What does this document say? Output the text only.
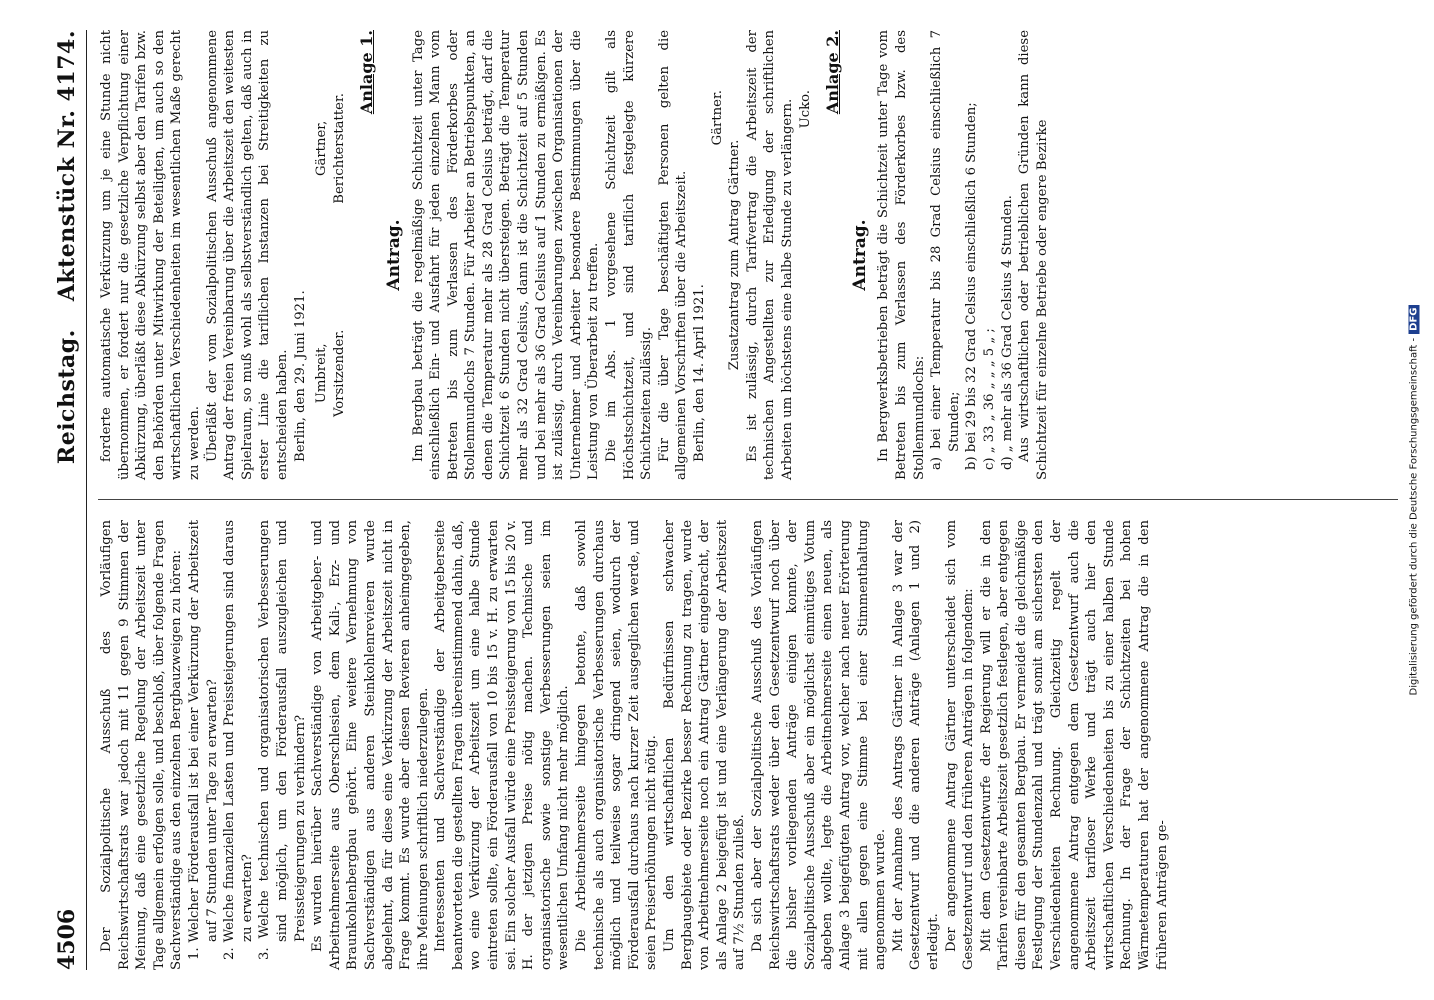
4506
Reichstag.Aktenstück Nr. 4174.

Der Sozialpolitische Ausschuß des Vorläufigen Reichswirtschaftsrats war jedoch mit 11 gegen 9 Stimmen der Meinung, daß eine gesetzliche Regelung der Arbeitszeit unter Tage allgemein erfolgen solle, und beschloß, über folgende Fragen Sachverständige aus den einzelnen Bergbauzweigen zu hören: 1. Welcher Förderausfall ist bei einer Verkürzung der Arbeitszeit auf 7 Stunden unter Tage zu erwarten? 2. Welche finanziellen Lasten und Preissteigerungen sind daraus zu erwarten? 3. Welche technischen und organisatorischen Verbesserungen sind möglich, um den Förderausfall auszugleichen und Preissteigerungen zu verhindern? Es wurden hierüber Sachverständige von Arbeitgeber- und Arbeitnehmerseite aus Oberschlesien, dem Kali-, Erz- und Braunkohlenbergbau gehört. Eine weitere Vernehmung von Sachverständigen aus anderen Steinkohlenrevieren wurde abgelehnt, da für diese eine Verkürzung der Arbeitszeit nicht in Frage kommt. Es wurde aber diesen Revieren anheimgegeben, ihre Meinungen schriftlich niederzulegen. Interessenten und Sachverständige der Arbeitgeberseite beantworteten die gestellten Fragen übereinstimmend dahin, daß, wo eine Verkürzung der Arbeitszeit um eine halbe Stunde eintreten sollte, ein Förderausfall von 10 bis 15 v. H. zu erwarten sei. Ein solcher Ausfall würde eine Preissteigerung von 15 bis 20 v. H. der jetzigen Preise nötig machen. Technische und organisatorische sowie sonstige Verbesserungen seien im wesentlichen Umfang nicht mehr möglich. Die Arbeitnehmerseite hingegen betonte, daß sowohl technische als auch organisatorische Verbesserungen durchaus möglich und teilweise sogar dringend seien, wodurch der Förderausfall durchaus nach kurzer Zeit ausgeglichen werde, und seien Preiserhöhungen nicht nötig. Um den wirtschaftlichen Bedürfnissen schwacher Bergbaugebiete oder Bezirke besser Rechnung zu tragen, wurde von Arbeitnehmerseite noch ein Antrag Gärtner eingebracht, der als Anlage 2 beigefügt ist und eine Verlängerung der Arbeitszeit auf 7½ Stunden zuließ. Da sich aber der Sozialpolitische Ausschuß des Vorläufigen Reichswirtschaftsrats weder über den Gesetzentwurf noch über die bisher vorliegenden Anträge einigen konnte, der Sozialpolitische Ausschuß aber ein möglichst einmütiges Votum abgeben wollte, legte die Arbeitnehmerseite einen neuen, als Anlage 3 beigefügten Antrag vor, welcher nach neuer Erörterung mit allen gegen eine Stimme bei einer Stimmenthaltung angenommen wurde. Mit der Annahme des Antrags Gärtner in Anlage 3 war der Gesetzentwurf und die anderen Anträge (Anlagen 1 und 2) erledigt. Der angenommene Antrag Gärtner unterscheidet sich vom Gesetzentwurf und den früheren Anträgen in folgendem: Mit dem Gesetzentwurfe der Regierung will er die in den Tarifen vereinbarte Arbeitszeit gesetzlich festlegen, aber entgegen diesen für den gesamten Bergbau. Er vermeidet die gleichmäßige Festlegung der Stundenzahl und trägt somit am sichersten den Verschiedenheiten Rechnung. Gleichzeitig regelt der angenommene Antrag entgegen dem Gesetzentwurf auch die Arbeitszeit tarifloser Werke und trägt auch hier den wirtschaftlichen Verschiedenheiten bis zu einer halben Stunde Rechnung. In der Frage der Schichtzeiten bei hohen Wärmetemperaturen hat der angenommene Antrag die in den früheren Anträgen ge-

forderte automatische Verkürzung um je eine Stunde nicht übernommen, er fordert nur die gesetzliche Verpflichtung einer Abkürzung, überläßt diese Abkürzung selbst aber den Tarifen bzw. den Behörden unter Mitwirkung der Beteiligten, um auch so den wirtschaftlichen Verschiedenheiten im wesentlichen Maße gerecht zu werden. Überläßt der vom Sozialpolitischen Ausschuß angenommene Antrag der freien Vereinbarung über die Arbeitszeit den weitesten Spielraum, so muß wohl als selbstverständlich gelten, daß auch in erster Linie die tariflichen Instanzen bei Streitigkeiten zu entscheiden haben. Berlin, den 29. Juni 1921. Umbreit, Vorsitzender.
Gärtner, Berichterstatter.
Anlage 1.
Antrag. Im Bergbau beträgt die regelmäßige Schichtzeit unter Tage einschließlich Ein- und Ausfahrt für jeden einzelnen Mann vom Betreten bis zum Verlassen des Förderkorbes oder Stollenmundlochs 7 Stunden. Für Arbeiter an Betriebspunkten, an denen die Temperatur mehr als 28 Grad Celsius beträgt, darf die Schichtzeit 6 Stunden nicht übersteigen. Beträgt die Temperatur mehr als 32 Grad Celsius, dann ist die Schichtzeit auf 5 Stunden und bei mehr als 36 Grad Celsius auf 1 Stunden zu ermäßigen. Es ist zulässig, durch Vereinbarungen zwischen Organisationen der Unternehmer und Arbeiter besondere Bestimmungen über die Leistung von Überarbeit zu treffen. Die im Abs. 1 vorgesehene Schichtzeit gilt als Höchstschichtzeit, und sind tariflich festgelegte kürzere Schichtzeiten zulässig. Für die über Tage beschäftigten Personen gelten die allgemeinen Vorschriften über die Arbeitszeit. Berlin, den 14. April 1921.

Gärtner.

Zusatzantrag zum Antrag Gärtner. Es ist zulässig, durch Tarifvertrag die Arbeitszeit der technischen Angestellten zur Erledigung der schriftlichen Arbeiten um höchstens eine halbe Stunde zu verlängern. Ucko. Anlage 2.
Antrag. In Bergwerksbetrieben beträgt die Schichtzeit unter Tage vom Betreten bis zum Verlassen des Förderkorbes bzw. des Stollenmundlochs: a) bei einer Temperatur bis 28 Grad Celsius einschließlich 7 Stunden; b) bei 29 bis 32 Grad Celsius einschließlich 6 Stunden; c) „ 33 „ 36 „ „ „ 5 „ ; d) „ mehr als 36 Grad Celsius 4 Stunden. Aus wirtschaftlichen oder betrieblichen Gründen kann diese Schichtzeit für einzelne Betriebe oder engere Bezirke

Digitalisierung gefördert durch die Deutsche Forschungsgemeinschaft -DFG
